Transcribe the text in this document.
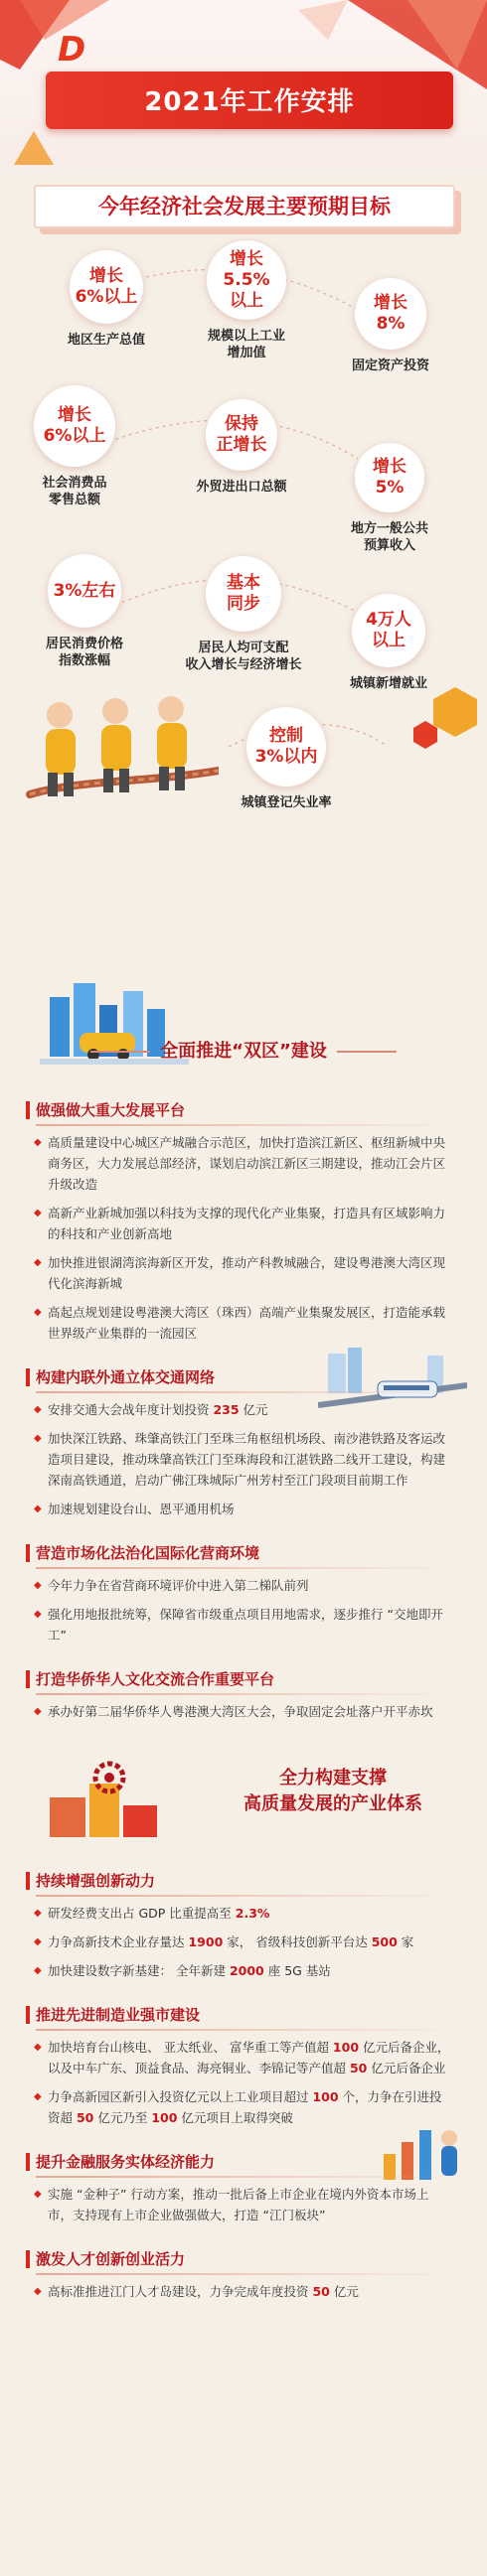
D
2021年工作安排
今年经济社会发展主要预期目标
增长
6%以上
地区生产总值
增长
5.5%
以上
规模以上工业
增加值
增长
8%
固定资产投资
增长
6%以上
社会消费品
零售总额
保持
正增长
外贸进出口总额
增长
5%
地方一般公共
预算收入
3%左右
居民消费价格
指数涨幅
基本
同步
居民人均可支配
收入增长与经济增长
4万人
以上
城镇新增就业
控制
3%以内
城镇登记失业率
全面推进“双区”建设
做强做大重大发展平台
◆ 高质量建设中心城区产城融合示范区，加快打造滨江新区、枢纽新城中央商务区，大力发展总部经济，谋划启动滨江新区三期建设，推动江会片区升级改造
◆ 高新产业新城加强以科技为支撑的现代化产业集聚，打造具有区域影响力的科技和产业创新高地
◆ 加快推进银湖湾滨海新区开发，推动产科教城融合，建设粤港澳大湾区现代化滨海新城
◆ 高起点规划建设粤港澳大湾区（珠西）高端产业集聚发展区，打造能承载世界级产业集群的一流园区
构建内联外通立体交通网络
◆ 安排交通大会战年度计划投资 235 亿元
◆ 加快深江铁路、珠肇高铁江门至珠三角枢纽机场段、南沙港铁路及客运改造项目建设，推动珠肇高铁江门至珠海段和江湛铁路二线开工建设，构建深南高铁通道，启动广佛江珠城际广州芳村至江门段项目前期工作
◆ 加速规划建设台山、恩平通用机场
营造市场化法治化国际化营商环境
◆ 今年力争在省营商环境评价中进入第二梯队前列
◆ 强化用地报批统筹，保障省市级重点项目用地需求，逐步推行 “交地即开工”
打造华侨华人文化交流合作重要平台
◆ 承办好第二届华侨华人粤港澳大湾区大会，争取固定会址落户开平赤坎
全力构建支撑
高质量发展的产业体系
持续增强创新动力
◆ 研发经费支出占 GDP 比重提高至 2.3%
◆ 力争高新技术企业存量达 1900 家， 省级科技创新平台达 500 家
◆ 加快建设数字新基建： 全年新建 2000 座 5G 基站
推进先进制造业强市建设
◆ 加快培育台山核电、 亚太纸业、 富华重工等产值超 100 亿元后备企业，以及中车广东、顶益食品、海亮铜业、李锦记等产值超 50 亿元后备企业
◆ 力争高新园区新引入投资亿元以上工业项目超过 100 个，力争在引进投资超 50 亿元乃至 100 亿元项目上取得突破
提升金融服务实体经济能力
◆ 实施 “金种子” 行动方案，推动一批后备上市企业在境内外资本市场上市，支持现有上市企业做强做大，打造 “江门板块”
激发人才创新创业活力
◆ 高标准推进江门人才岛建设，力争完成年度投资 50 亿元
